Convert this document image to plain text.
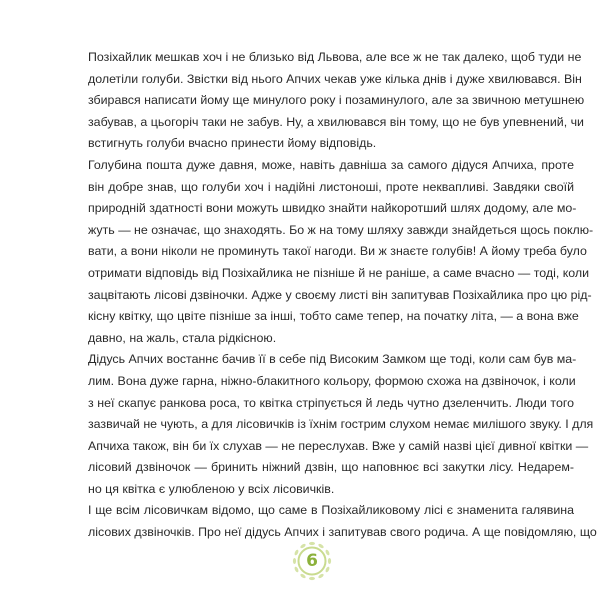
Позіхайлик мешкав хоч і не близько від Львова, але все ж не так далеко, щоб туди не
долетіли голуби. Звістки від нього Апчих чекав уже кілька днів і дуже хвилювався. Він
збирався написати йому ще минулого року і позаминулого, але за звичною метушнею
забував, а цьогоріч таки не забув. Ну, а хвилювався він тому, що не був упевнений, чи
встигнуть голуби вчасно принести йому відповідь.

Голубина пошта дуже давня, може, навіть давніша за самого дідуся Апчиха, проте
він добре знав, що голуби хоч і надійні листоноші, проте неквапливі. Завдяки своїй
природній здатності вони можуть швидко знайти найкоротший шлях додому, але мо-
жуть — не означає, що знаходять. Бо ж на тому шляху завжди знайдеться щось поклю-
вати, а вони ніколи не проминуть такої нагоди. Ви ж знаєте голубів! А йому треба було
отримати відповідь від Позіхайлика не пізніше й не раніше, а саме вчасно — тоді, коли
зацвітають лісові дзвіночки. Адже у своєму листі він запитував Позіхайлика про цю рід-
кісну квітку, що цвіте пізніше за інші, тобто саме тепер, на початку літа, — а вона вже
давно, на жаль, стала рідкісною.

Дідусь Апчих востаннє бачив її в себе під Високим Замком ще тоді, коли сам був ма-
лим. Вона дуже гарна, ніжно-блакитного кольору, формою схожа на дзвіночок, і коли
з неї скапує ранкова роса, то квітка стріпується й ледь чутно дзеленчить. Люди того
зазвичай не чують, а для лісовичків із їхнім гострим слухом немає милішого звуку. І для
Апчиха також, він би їх слухав — не переслухав. Вже у самій назві цієї дивної квітки —
лісовий дзвіночок — бринить ніжний дзвін, що наповнює всі закутки лісу. Недарем-
но ця квітка є улюбленою у всіх лісовичків.

І ще всім лісовичкам відомо, що саме в Позіхайликовому лісі є знаменита галявина
лісових дзвіночків. Про неї дідусь Апчих і запитував свого родича. А ще повідомляю, що

6
